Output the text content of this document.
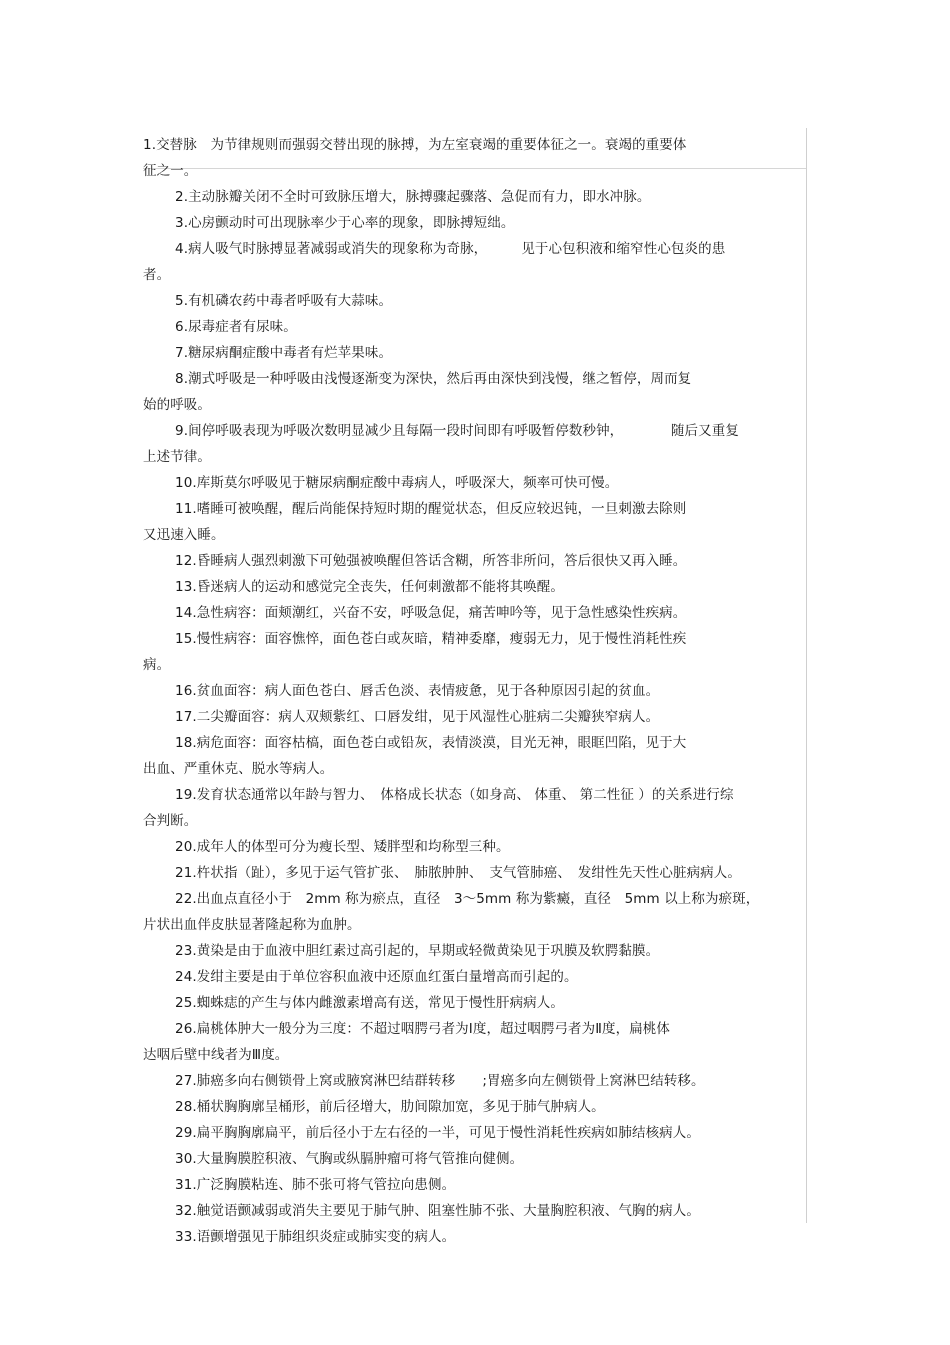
1.交替脉　为节律规则而强弱交替出现的脉搏，为左室衰竭的重要体征之一。衰竭的重要体
征之一。
2.主动脉瓣关闭不全时可致脉压增大，脉搏骤起骤落、急促而有力，即水冲脉。
3.心房颤动时可出现脉率少于心率的现象，即脉搏短绌。
4.病人吸气时脉搏显著减弱或消失的现象称为奇脉，　　　见于心包积液和缩窄性心包炎的患
者。
5.有机磷农药中毒者呼吸有大蒜味。
6.尿毒症者有尿味。
7.糖尿病酮症酸中毒者有烂苹果味。
8.潮式呼吸是一种呼吸由浅慢逐渐变为深快，然后再由深快到浅慢，继之暂停，周而复
始的呼吸。
9.间停呼吸表现为呼吸次数明显减少且每隔一段时间即有呼吸暂停数秒钟，　　　　随后又重复
上述节律。
10.库斯莫尔呼吸见于糖尿病酮症酸中毒病人，呼吸深大，频率可快可慢。
11.嗜睡可被唤醒，醒后尚能保持短时期的醒觉状态，但反应较迟钝，一旦刺激去除则
又迅速入睡。
12.昏睡病人强烈刺激下可勉强被唤醒但答话含糊，所答非所问，答后很快又再入睡。
13.昏迷病人的运动和感觉完全丧失，任何刺激都不能将其唤醒。
14.急性病容：面颊潮红，兴奋不安，呼吸急促，痛苦呻吟等，见于急性感染性疾病。
15.慢性病容：面容憔悴，面色苍白或灰暗，精神委靡，瘦弱无力，见于慢性消耗性疾
病。
16.贫血面容：病人面色苍白、唇舌色淡、表情疲惫，见于各种原因引起的贫血。
17.二尖瓣面容：病人双颊紫红、口唇发绀，见于风湿性心脏病二尖瓣狭窄病人。
18.病危面容：面容枯槁，面色苍白或铅灰，表情淡漠，目光无神，眼眶凹陷，见于大
出血、严重休克、脱水等病人。
19.发育状态通常以年龄与智力、　体格成长状态（如身高、 体重、 第二性征 ）的关系进行综
合判断。
20.成年人的体型可分为瘦长型、矮胖型和均称型三种。
21.杵状指（趾），多见于运气管扩张、　肺脓肿肿、　支气管肺癌、　发绀性先天性心脏病病人。
22.出血点直径小于　2mm 称为瘀点，直径　3～5mm 称为紫癜，直径　5mm 以上称为瘀斑，
片状出血伴皮肤显著隆起称为血肿。
23.黄染是由于血液中胆红素过高引起的，早期或轻微黄染见于巩膜及软腭黏膜。
24.发绀主要是由于单位容积血液中还原血红蛋白量增高而引起的。
25.蜘蛛痣的产生与体内雌激素增高有送，常见于慢性肝病病人。
26.扁桃体肿大一般分为三度：不超过咽腭弓者为Ⅰ度，超过咽腭弓者为Ⅱ度，扁桃体
达咽后壁中线者为Ⅲ度。
27.肺癌多向右侧锁骨上窝或腋窝淋巴结群转移　　;胃癌多向左侧锁骨上窝淋巴结转移。
28.桶状胸胸廓呈桶形，前后径增大，肋间隙加宽，多见于肺气肿病人。
29.扁平胸胸廓扁平，前后径小于左右径的一半，可见于慢性消耗性疾病如肺结核病人。
30.大量胸膜腔积液、气胸或纵膈肿瘤可将气管推向健侧。
31.广泛胸膜粘连、肺不张可将气管拉向患侧。
32.触觉语颤减弱或消失主要见于肺气肿、阻塞性肺不张、大量胸腔积液、气胸的病人。
33.语颤增强见于肺组织炎症或肺实变的病人。
